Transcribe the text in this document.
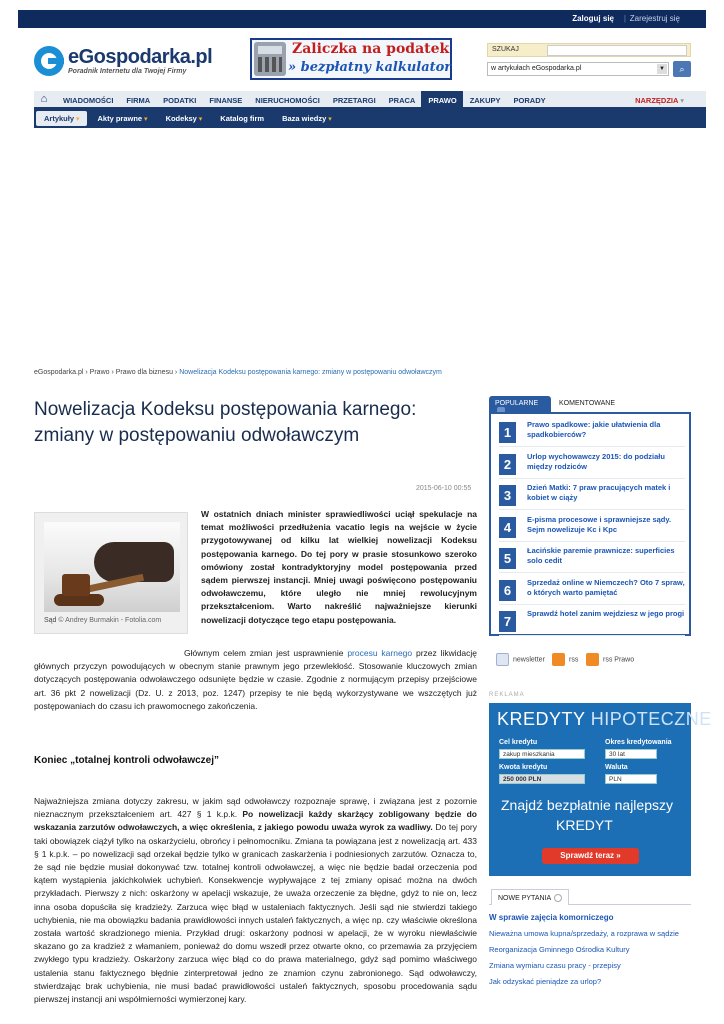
Zaloguj się | Zarejestruj się
eGospodarka.pl
Poradnik Internetu dla Twojej Firmy
Zaliczka na podatek
» bezpłatny kalkulator
SZUKAJ
w artykułach eGospodarka.pl	▼	⌕
⌂	WIADOMOŚCI	FIRMA	PODATKI	FINANSE	NIERUCHOMOŚCI	PRZETARGI	PRACA	PRAWO	ZAKUPY	PORADY	NARZĘDZIA ▾
Artykuły ▾	Akty prawne ▾	Kodeksy ▾	Katalog firm	Baza wiedzy ▾
eGospodarka.pl › Prawo › Prawo dla biznesu › Nowelizacja Kodeksu postępowania karnego: zmiany w postępowaniu odwoławczym
Nowelizacja Kodeksu postępowania karnego: zmiany w postępowaniu odwoławczym
2015-06-10 00:55
Sąd © Andrey Burmakin - Fotolia.com

W ostatnich dniach minister sprawiedliwości uciął spekulacje na temat możliwości przedłużenia vacatio legis na wejście w życie przygotowywanej od kilku lat wielkiej nowelizacji Kodeksu postępowania karnego. Do tej pory w prasie stosunkowo szeroko omówiony został kontradyktoryjny model postępowania przed sądem pierwszej instancji. Mniej uwagi poświęcono postępowaniu odwoławczemu, które uległo nie mniej rewolucyjnym przekształceniom. Warto nakreślić najważniejsze kierunki nowelizacji dotyczące tego etapu postępowania.

Głównym celem zmian jest usprawnienie procesu karnego przez likwidację głównych przyczyn powodujących w obecnym stanie prawnym jego przewlekłość. Stosowanie kluczowych zmian dotyczących postępowania odwoławczego odsunięte będzie w czasie. Zgodnie z normującym przepisy przejściowe art. 36 pkt 2 nowelizacji (Dz. U. z 2013, poz. 1247) przepisy te nie będą wykorzystywane we wszczętych już postępowaniach do czasu ich prawomocnego zakończenia.

Koniec „totalnej kontroli odwoławczej”

Najważniejsza zmiana dotyczy zakresu, w jakim sąd odwoławczy rozpoznaje sprawę, i związana jest z pozornie nieznacznym przekształceniem art. 427 § 1 k.p.k. Po nowelizacji każdy skarżący zobligowany będzie do wskazania zarzutów odwoławczych, a więc określenia, z jakiego powodu uważa wyrok za wadliwy. Do tej pory taki obowiązek ciążył tylko na oskarżycielu, obrońcy i pełnomocniku. Zmiana ta powiązana jest z nowelizacją art. 433 § 1 k.p.k. – po nowelizacji sąd orzekał będzie tylko w granicach zaskarżenia i podniesionych zarzutów. Oznacza to, że sąd nie będzie musiał dokonywać tzw. totalnej kontroli odwoławczej, a więc nie będzie badał orzeczenia pod kątem wystąpienia jakichkolwiek uchybień. Konsekwencje wypływające z tej zmiany opisać można na dwóch przykładach. Pierwszy z nich: oskarżony w apelacji wskazuje, że uważa orzeczenie za błędne, gdyż to nie on, lecz inna osoba dopuściła się kradzieży. Zarzuca więc błąd w ustaleniach faktycznych. Jeśli sąd nie stwierdzi takiego uchybienia, nie ma obowiązku badania prawidłowości innych ustaleń faktycznych, a więc np. czy właściwie określona została wartość skradzionego mienia. Przykład drugi: oskarżony podnosi w apelacji, że w wyroku niewłaściwie skazano go za kradzież z włamaniem, ponieważ do domu wszedł przez otwarte okno, co przemawia za przyjęciem zwykłego typu kradzieży. Oskarżony zarzuca więc błąd co do prawa materialnego, gdyż sąd pomimo właściwego ustalenia stanu faktycznego błędnie zinterpretował jedno ze znamion czynu zabronionego. Sąd odwoławczy, stwierdzając brak uchybienia, nie musi badać prawidłowości ustaleń faktycznych, sposobu procedowania sądu pierwszej instancji ani współmierności wymierzonej kary.

POPULARNE	KOMENTOWANE
1
Prawo spadkowe: jakie ułatwienia dla spadkobierców?
2
Urlop wychowawczy 2015: do podziału między rodziców
3
Dzień Matki: 7 praw pracujących matek i kobiet w ciąży
4
E-pisma procesowe i sprawniejsze sądy. Sejm nowelizuje Kc i Kpc
5
Łacińskie paremie prawnicze: superficies solo cedit
6
Sprzedaż online w Niemczech? Oto 7 spraw, o których warto pamiętać
7
Sprawdź hotel zanim wejdziesz w jego progi
newsletter	rss	rss Prawo
REKLAMA
KREDYTY HIPOTECZNE
Cel kredytu
zakup mieszkania
Okres kredytowania
30 lat
Kwota kredytu
250 000 PLN
Waluta
PLN
Znajdź bezpłatnie najlepszy
KREDYT
Sprawdź teraz »
NOWE PYTANIA
W sprawie zajęcia komorniczego
Nieważna umowa kupna/sprzedaży, a rozprawa w sądzie
Reorganizacja Gminnego Ośrodka Kultury
Zmiana wymiaru czasu pracy - przepisy
Jak odzyskać pieniądze za urlop?
